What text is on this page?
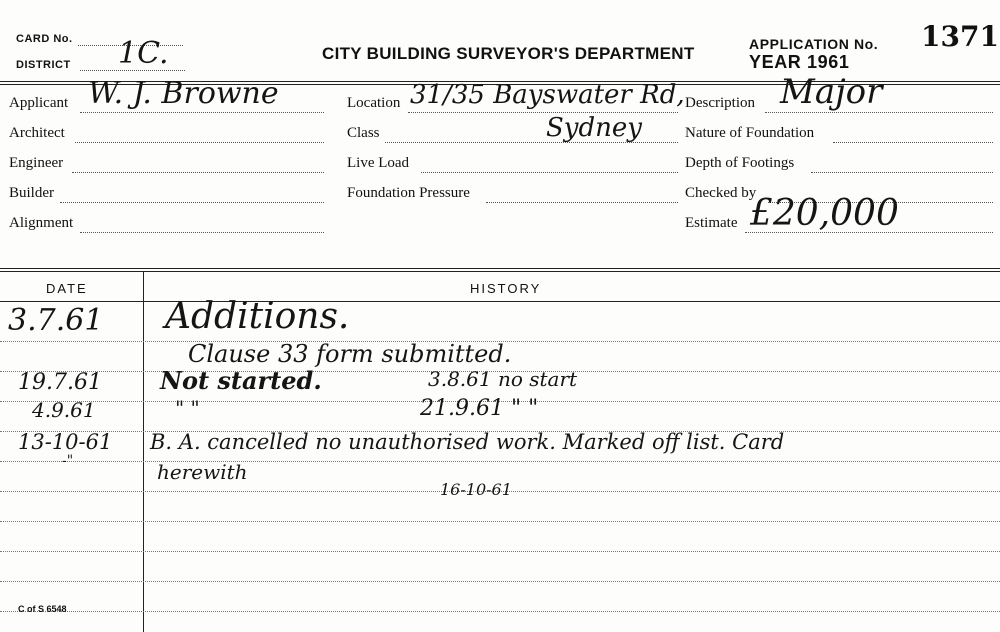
CARD No.
DISTRICT 1C.	CITY BUILDING SURVEYOR'S DEPARTMENT	APPLICATION No.
YEAR 1961
1371
Applicant W. J. Browne
Architect
Engineer
Builder
Alignment
Location 31/35 Bayswater Rd,
Class	Sydney
Live Load
Foundation Pressure
Description Major
Nature of Foundation
Depth of Footings
Checked by
Estimate £20,000
DATE	HISTORY
3.7.61 Additions.
Clause 33 form submitted.
19.7.61 Not started.	3.8.61 no start
4.9.61	" "	21.9.61 " "
13-10-61 B. A. cancelled no unauthorised work. Marked off list. Card
-"	herewith
16-10-61
C of S 6548
